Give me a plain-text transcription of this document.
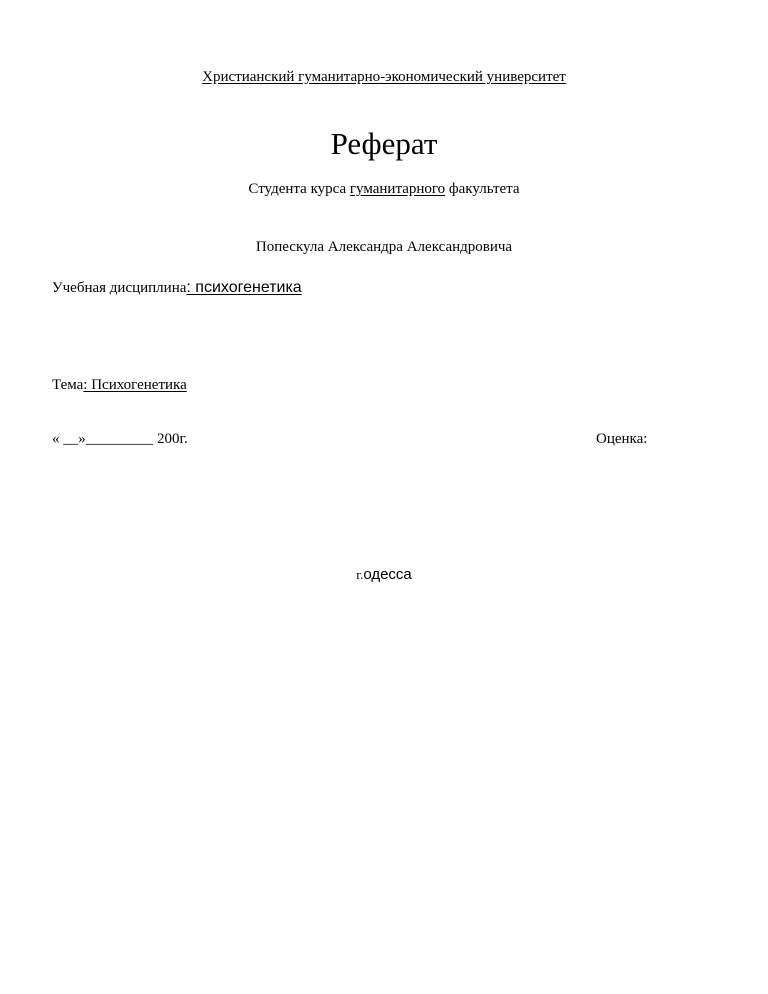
Христианский гуманитарно-экономический университет
Реферат
Студента курса гуманитарного факультета
Попескула Александра Александровича
Учебная дисциплина: психогенетика
Тема: Психогенетика
« __»_________ 200г.	Оценка:
г.одесса
